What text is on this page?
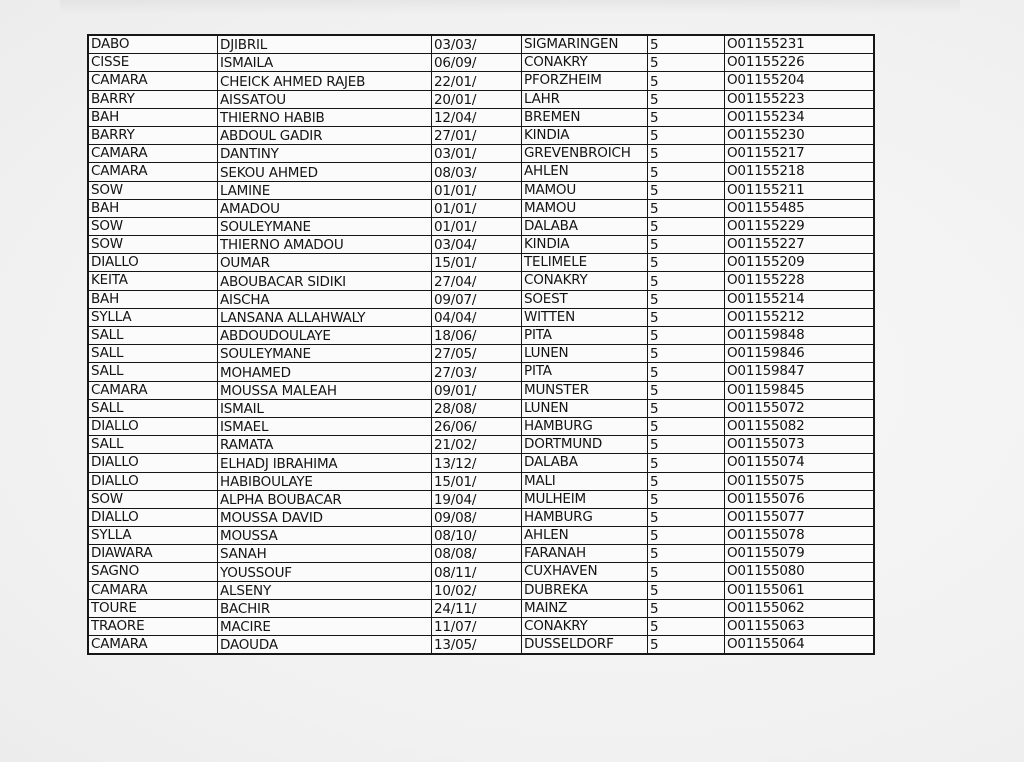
DABO	DJIBRIL	03/03/	SIGMARINGEN	5	O01155231
CISSE	ISMAILA	06/09/	CONAKRY	5	O01155226
CAMARA	CHEICK AHMED RAJEB	22/01/	PFORZHEIM	5	O01155204
BARRY	AISSATOU	20/01/	LAHR	5	O01155223
BAH	THIERNO HABIB	12/04/	BREMEN	5	O01155234
BARRY	ABDOUL GADIR	27/01/	KINDIA	5	O01155230
CAMARA	DANTINY	03/01/	GREVENBROICH	5	O01155217
CAMARA	SEKOU AHMED	08/03/	AHLEN	5	O01155218
SOW	LAMINE	01/01/	MAMOU	5	O01155211
BAH	AMADOU	01/01/	MAMOU	5	O01155485
SOW	SOULEYMANE	01/01/	DALABA	5	O01155229
SOW	THIERNO AMADOU	03/04/	KINDIA	5	O01155227
DIALLO	OUMAR	15/01/	TELIMELE	5	O01155209
KEITA	ABOUBACAR SIDIKI	27/04/	CONAKRY	5	O01155228
BAH	AISCHA	09/07/	SOEST	5	O01155214
SYLLA	LANSANA ALLAHWALY	04/04/	WITTEN	5	O01155212
SALL	ABDOUDOULAYE	18/06/	PITA	5	O01159848
SALL	SOULEYMANE	27/05/	LUNEN	5	O01159846
SALL	MOHAMED	27/03/	PITA	5	O01159847
CAMARA	MOUSSA MALEAH	09/01/	MUNSTER	5	O01159845
SALL	ISMAIL	28/08/	LUNEN	5	O01155072
DIALLO	ISMAEL	26/06/	HAMBURG	5	O01155082
SALL	RAMATA	21/02/	DORTMUND	5	O01155073
DIALLO	ELHADJ IBRAHIMA	13/12/	DALABA	5	O01155074
DIALLO	HABIBOULAYE	15/01/	MALI	5	O01155075
SOW	ALPHA BOUBACAR	19/04/	MULHEIM	5	O01155076
DIALLO	MOUSSA DAVID	09/08/	HAMBURG	5	O01155077
SYLLA	MOUSSA	08/10/	AHLEN	5	O01155078
DIAWARA	SANAH	08/08/	FARANAH	5	O01155079
SAGNO	YOUSSOUF	08/11/	CUXHAVEN	5	O01155080
CAMARA	ALSENY	10/02/	DUBREKA	5	O01155061
TOURE	BACHIR	24/11/	MAINZ	5	O01155062
TRAORE	MACIRE	11/07/	CONAKRY	5	O01155063
CAMARA	DAOUDA	13/05/	DUSSELDORF	5	O01155064
